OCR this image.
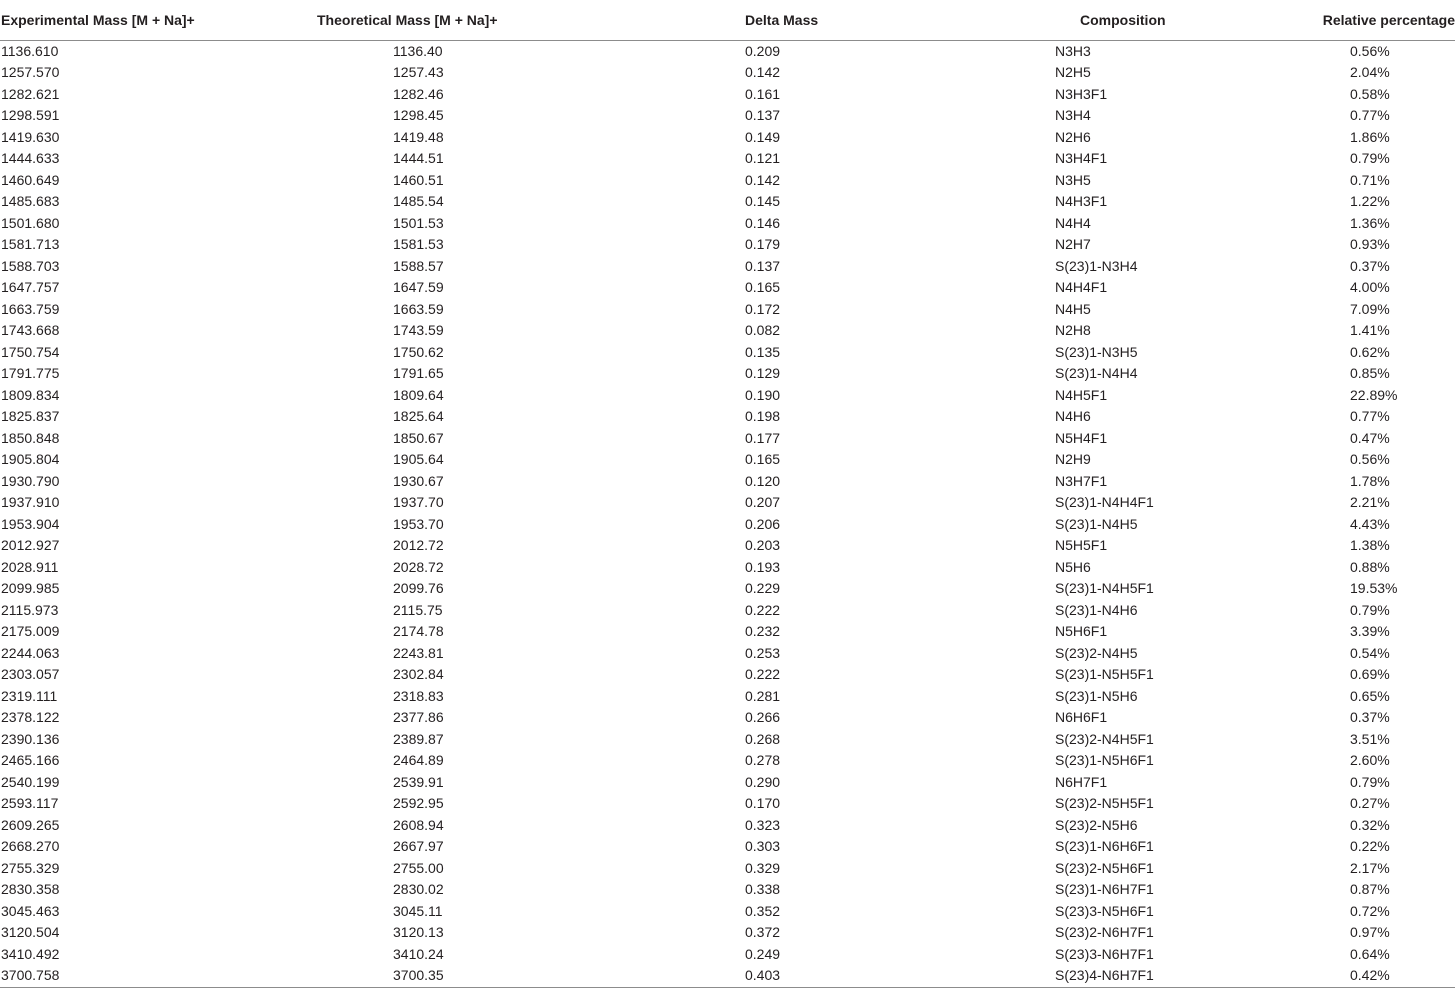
Experimental Mass [M + Na]+	Theoretical Mass [M + Na]+	Delta Mass	Composition	Relative percentage
1136.610	1136.40	0.209	N3H3	0.56%
1257.570	1257.43	0.142	N2H5	2.04%
1282.621	1282.46	0.161	N3H3F1	0.58%
1298.591	1298.45	0.137	N3H4	0.77%
1419.630	1419.48	0.149	N2H6	1.86%
1444.633	1444.51	0.121	N3H4F1	0.79%
1460.649	1460.51	0.142	N3H5	0.71%
1485.683	1485.54	0.145	N4H3F1	1.22%
1501.680	1501.53	0.146	N4H4	1.36%
1581.713	1581.53	0.179	N2H7	0.93%
1588.703	1588.57	0.137	S(23)1-N3H4	0.37%
1647.757	1647.59	0.165	N4H4F1	4.00%
1663.759	1663.59	0.172	N4H5	7.09%
1743.668	1743.59	0.082	N2H8	1.41%
1750.754	1750.62	0.135	S(23)1-N3H5	0.62%
1791.775	1791.65	0.129	S(23)1-N4H4	0.85%
1809.834	1809.64	0.190	N4H5F1	22.89%
1825.837	1825.64	0.198	N4H6	0.77%
1850.848	1850.67	0.177	N5H4F1	0.47%
1905.804	1905.64	0.165	N2H9	0.56%
1930.790	1930.67	0.120	N3H7F1	1.78%
1937.910	1937.70	0.207	S(23)1-N4H4F1	2.21%
1953.904	1953.70	0.206	S(23)1-N4H5	4.43%
2012.927	2012.72	0.203	N5H5F1	1.38%
2028.911	2028.72	0.193	N5H6	0.88%
2099.985	2099.76	0.229	S(23)1-N4H5F1	19.53%
2115.973	2115.75	0.222	S(23)1-N4H6	0.79%
2175.009	2174.78	0.232	N5H6F1	3.39%
2244.063	2243.81	0.253	S(23)2-N4H5	0.54%
2303.057	2302.84	0.222	S(23)1-N5H5F1	0.69%
2319.111	2318.83	0.281	S(23)1-N5H6	0.65%
2378.122	2377.86	0.266	N6H6F1	0.37%
2390.136	2389.87	0.268	S(23)2-N4H5F1	3.51%
2465.166	2464.89	0.278	S(23)1-N5H6F1	2.60%
2540.199	2539.91	0.290	N6H7F1	0.79%
2593.117	2592.95	0.170	S(23)2-N5H5F1	0.27%
2609.265	2608.94	0.323	S(23)2-N5H6	0.32%
2668.270	2667.97	0.303	S(23)1-N6H6F1	0.22%
2755.329	2755.00	0.329	S(23)2-N5H6F1	2.17%
2830.358	2830.02	0.338	S(23)1-N6H7F1	0.87%
3045.463	3045.11	0.352	S(23)3-N5H6F1	0.72%
3120.504	3120.13	0.372	S(23)2-N6H7F1	0.97%
3410.492	3410.24	0.249	S(23)3-N6H7F1	0.64%
3700.758	3700.35	0.403	S(23)4-N6H7F1	0.42%
